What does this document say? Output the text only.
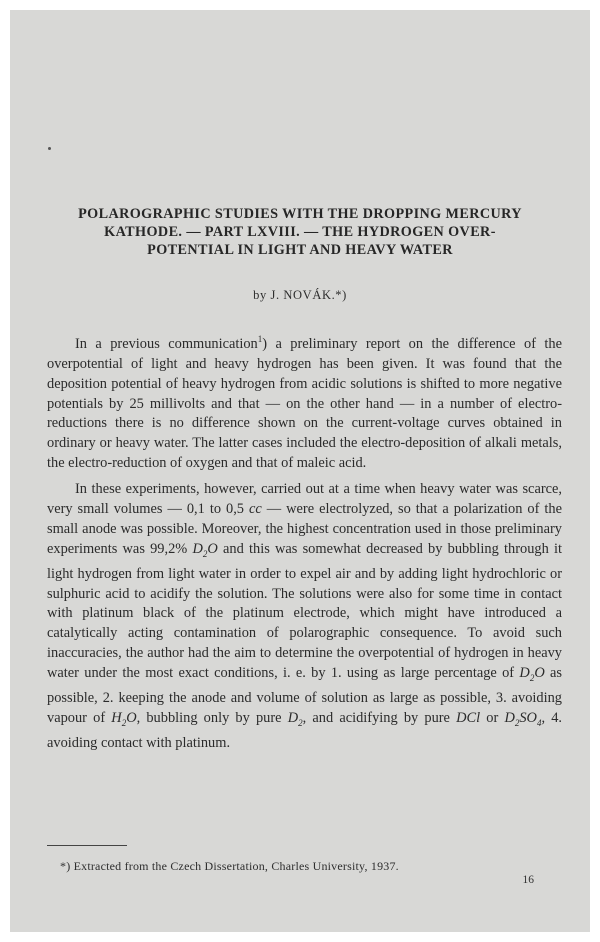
POLAROGRAPHIC STUDIES WITH THE DROPPING MERCURY
KATHODE. — PART LXVIII. — THE HYDROGEN OVER-
POTENTIAL IN LIGHT AND HEAVY WATER
by J. NOVÁK.*)

In a previous communication$^1$) a preliminary report on the difference of the overpotential of light and heavy hydrogen has been given. It was found that the deposition potential of heavy hydrogen from acidic solutions is shifted to more negative potentials by 25 millivolts and that — on the other hand — in a number of electro-reductions there is no difference shown on the current-voltage curves obtained in ordinary or heavy water. The latter cases included the electro-deposition of alkali metals, the electro-reduction of oxygen and that of maleic acid.

In these experiments, however, carried out at a time when heavy water was scarce, very small volumes — 0,1 to 0,5 cc — were electrolyzed, so that a polarization of the small anode was possible. Moreover, the highest concentration used in those preliminary experiments was 99,2% $D_2O$ and this was somewhat decreased by bubbling through it light hydrogen from light water in order to expel air and by adding light hydrochloric or sulphuric acid to acidify the solution. The solutions were also for some time in contact with platinum black of the platinum electrode, which might have introduced a catalytically acting contamination of polarographic consequence. To avoid such inaccuracies, the author had the aim to determine the overpotential of hydrogen in heavy water under the most exact conditions, i. e. by 1. using as large percentage of $D_2O$ as possible, 2. keeping the anode and volume of solution as large as possible, 3. avoiding vapour of $H_2O$, bubbling only by pure $D_2$, and acidifying by pure DCl or $D_2SO_4$, 4. avoiding contact with platinum.

*) Extracted from the Czech Dissertation, Charles University, 1937.
16
